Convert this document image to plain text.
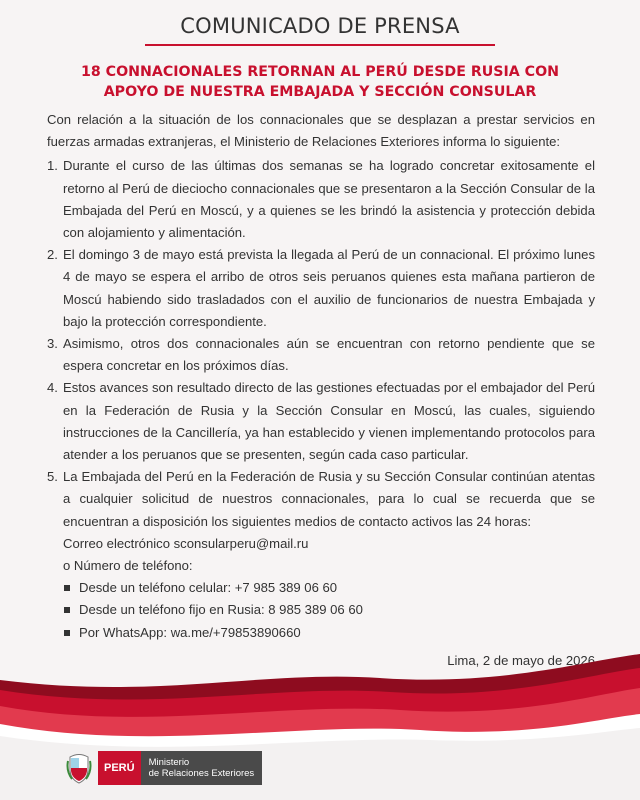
COMUNICADO DE PRENSA
18 CONNACIONALES RETORNAN AL PERÚ DESDE RUSIA CON
APOYO DE NUESTRA EMBAJADA Y SECCIÓN CONSULAR

Con relación a la situación de los connacionales que se desplazan a prestar servicios en fuerzas armadas extranjeras, el Ministerio de Relaciones Exteriores informa lo siguiente:

1. Durante el curso de las últimas dos semanas se ha logrado concretar exitosamente el retorno al Perú de dieciocho connacionales que se presentaron a la Sección Consular de la Embajada del Perú en Moscú, y a quienes se les brindó la asistencia y protección debida con alojamiento y alimentación.
2. El domingo 3 de mayo está prevista la llegada al Perú de un connacional. El próximo lunes 4 de mayo se espera el arribo de otros seis peruanos quienes esta mañana partieron de Moscú habiendo sido trasladados con el auxilio de funcionarios de nuestra Embajada y bajo la protección correspondiente.
3. Asimismo, otros dos connacionales aún se encuentran con retorno pendiente que se espera concretar en los próximos días.
4. Estos avances son resultado directo de las gestiones efectuadas por el embajador del Perú en la Federación de Rusia y la Sección Consular en Moscú, las cuales, siguiendo instrucciones de la Cancillería, ya han establecido y vienen implementando protocolos para atender a los peruanos que se presenten, según cada caso particular.
5. La Embajada del Perú en la Federación de Rusia y su Sección Consular continúan atentas a cualquier solicitud de nuestros connacionales, para lo cual se recuerda que se encuentran a disposición los siguientes medios de contacto activos las 24 horas:
Correo electrónico sconsularperu@mail.ru
o Número de teléfono:
Desde un teléfono celular: +7 985 389 06 60
Desde un teléfono fijo en Rusia: 8 985 389 06 60
Por WhatsApp: wa.me/+79853890660
Lima, 2 de mayo de 2026
PERÚ	Ministerio
de Relaciones Exteriores
